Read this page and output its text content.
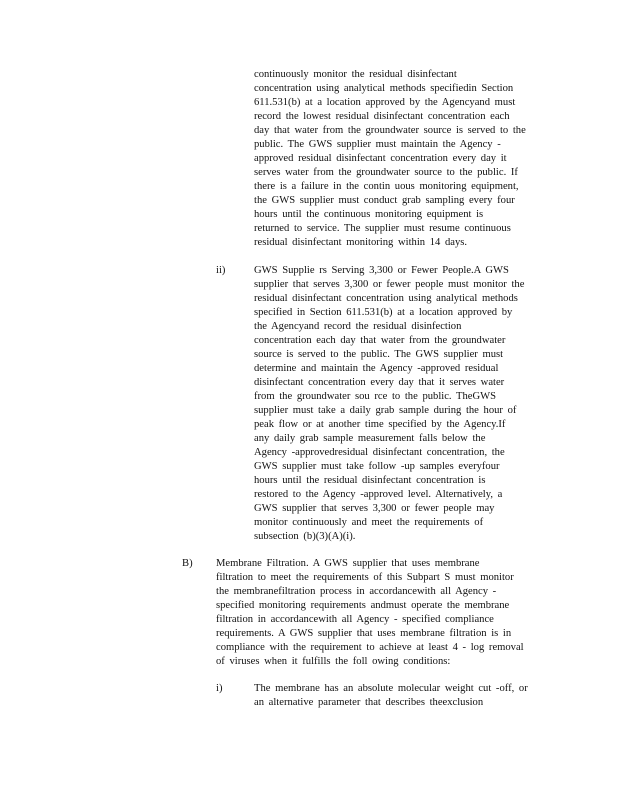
continuously monitor the residual disinfectant
concentration using analytical methods specifiedin Section
611.531(b) at a location approved by the Agencyand must
record the lowest residual disinfectant concentration each
day that water from the groundwater source is served to the
public. The GWS supplier must maintain the Agency -
approved residual disinfectant concentration every day it
serves water from the groundwater source to the public. If
there is a failure in the contin uous monitoring equipment,
the GWS supplier must conduct grab sampling every four
hours until the continuous monitoring equipment is
returned to service. The supplier must resume continuous
residual disinfectant monitoring within 14 days.
ii)	GWS Supplie rs Serving 3,300 or Fewer People.A GWS
supplier that serves 3,300 or fewer people must monitor the
residual disinfectant concentration using analytical methods
specified in Section 611.531(b) at a location approved by
the Agencyand record the residual disinfection
concentration each day that water from the groundwater
source is served to the public. The GWS supplier must
determine and maintain the Agency -approved residual
disinfectant concentration every day that it serves water
from the groundwater sou rce to the public. TheGWS
supplier must take a daily grab sample during the hour of
peak flow or at another time specified by the Agency.If
any daily grab sample measurement falls below the
Agency -approvedresidual disinfectant concentration, the
GWS supplier must take follow -up samples everyfour
hours until the residual disinfectant concentration is
restored to the Agency -approved level. Alternatively, a
GWS supplier that serves 3,300 or fewer people may
monitor continuously and meet the requirements of
subsection (b)(3)(A)(i).
B) Membrane Filtration. A GWS supplier that uses membrane
filtration to meet the requirements of this Subpart S must monitor
the membranefiltration process in accordancewith all Agency -
specified monitoring requirements andmust operate the membrane
filtration in accordancewith all Agency - specified compliance
requirements. A GWS supplier that uses membrane filtration is in
compliance with the requirement to achieve at least 4 - log removal
of viruses when it fulfills the foll owing conditions:
i)	The membrane has an absolute molecular weight cut -off, or
an alternative parameter that describes theexclusion
